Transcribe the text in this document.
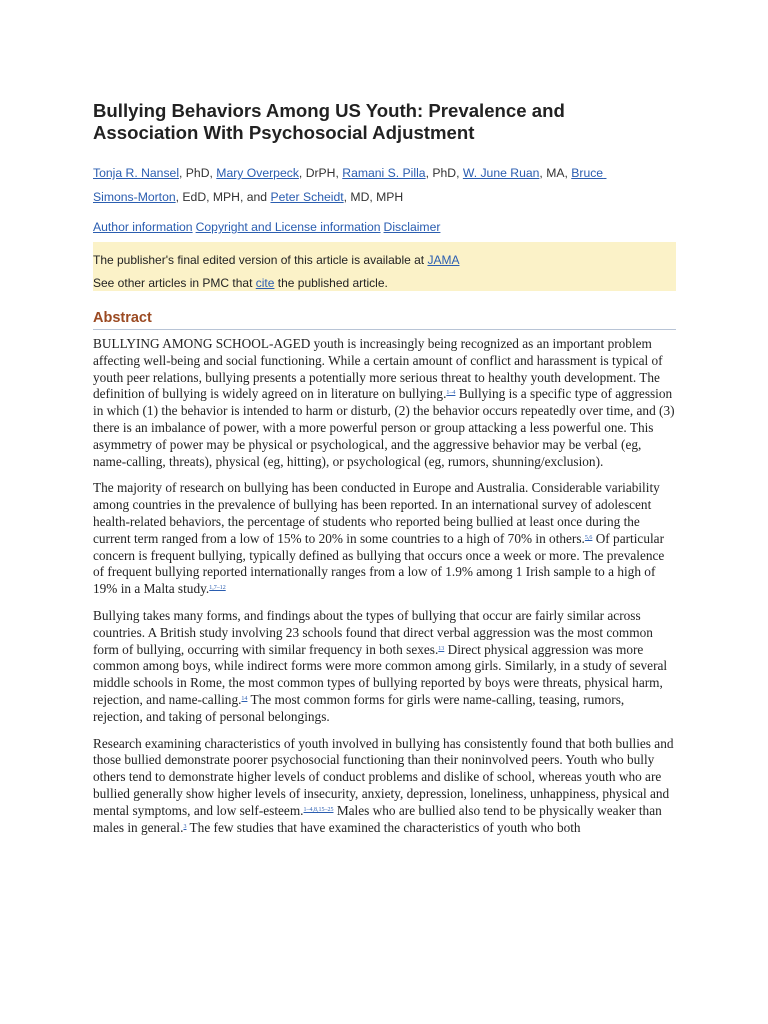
Bullying Behaviors Among US Youth: Prevalence and
Association With Psychosocial Adjustment
Tonja R. Nansel, PhD, Mary Overpeck, DrPH, Ramani S. Pilla, PhD, W. June Ruan, MA, Bruce
Simons-Morton, EdD, MPH, and Peter Scheidt, MD, MPH
Author information Copyright and License information Disclaimer
The publisher's final edited version of this article is available at JAMA
See other articles in PMC that cite the published article.
Abstract

BULLYING AMONG SCHOOL-AGED youth is increasingly being recognized as an important problem affecting well-being and social functioning. While a certain amount of conflict and harassment is typical of youth peer relations, bullying presents a potentially more serious threat to healthy youth development. The definition of bullying is widely agreed on in literature on bullying.$^{1-4}$ Bullying is a specific type of aggression in which (1) the behavior is intended to harm or disturb, (2) the behavior occurs repeatedly over time, and (3) there is an imbalance of power, with a more powerful person or group attacking a less powerful one. This asymmetry of power may be physical or psychological, and the aggressive behavior may be verbal (eg, name-calling, threats), physical (eg, hitting), or psychological (eg, rumors, shunning/exclusion).

The majority of research on bullying has been conducted in Europe and Australia. Considerable variability among countries in the prevalence of bullying has been reported. In an international survey of adolescent health-related behaviors, the percentage of students who reported being bullied at least once during the current term ranged from a low of 15% to 20% in some countries to a high of 70% in others.$^{5,6}$ Of particular concern is frequent bullying, typically defined as bullying that occurs once a week or more. The prevalence of frequent bullying reported internationally ranges from a low of 1.9% among 1 Irish sample to a high of 19% in a Malta study.$^{1,7-12}$

Bullying takes many forms, and findings about the types of bullying that occur are fairly similar across countries. A British study involving 23 schools found that direct verbal aggression was the most common form of bullying, occurring with similar frequency in both sexes.$^{13}$ Direct physical aggression was more common among boys, while indirect forms were more common among girls. Similarly, in a study of several middle schools in Rome, the most common types of bullying reported by boys were threats, physical harm, rejection, and name-calling.$^{14}$ The most common forms for girls were name-calling, teasing, rumors, rejection, and taking of personal belongings.

Research examining characteristics of youth involved in bullying has consistently found that both bullies and those bullied demonstrate poorer psychosocial functioning than their noninvolved peers. Youth who bully others tend to demonstrate higher levels of conduct problems and dislike of school, whereas youth who are bullied generally show higher levels of insecurity, anxiety, depression, loneliness, unhappiness, physical and mental symptoms, and low self-esteem.$^{1-4,8,15-25}$ Males who are bullied also tend to be physically weaker than males in general.$^3$ The few studies that have examined the characteristics of youth who both
